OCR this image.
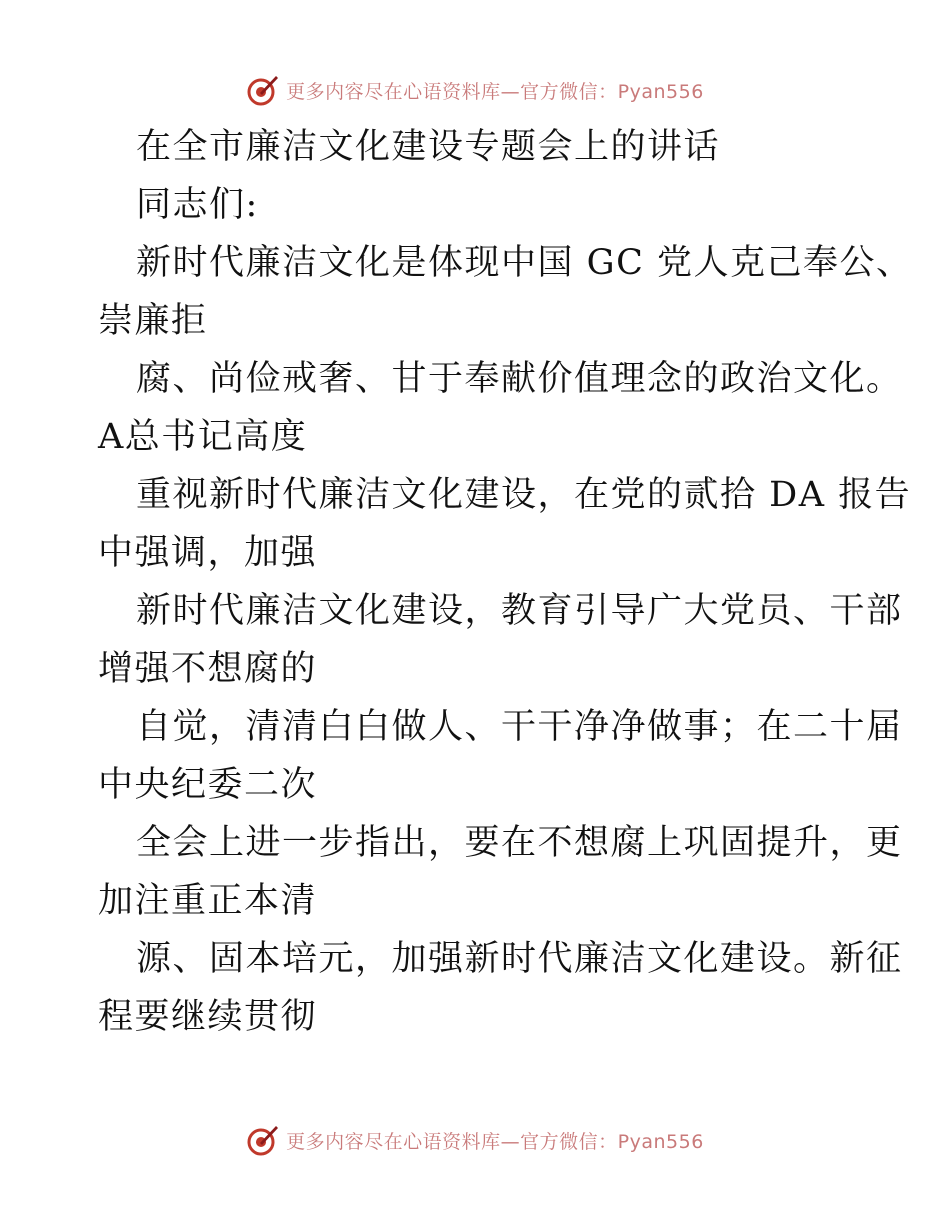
更多内容尽在心语资料库—官方微信：Pyan556
在全市廉洁文化建设专题会上的讲话
同志们:
新时代廉洁文化是体现中国 GC 党人克己奉公、
崇廉拒
腐、尚俭戒奢、甘于奉献价值理念的政治文化。
A总书记高度
重视新时代廉洁文化建设，在党的贰拾 DA 报告
中强调，加强
新时代廉洁文化建设，教育引导广大党员、干部
增强不想腐的
自觉，清清白白做人、干干净净做事；在二十届
中央纪委二次
全会上进一步指出，要在不想腐上巩固提升，更
加注重正本清
源、固本培元，加强新时代廉洁文化建设。新征
程要继续贯彻
更多内容尽在心语资料库—官方微信：Pyan556
